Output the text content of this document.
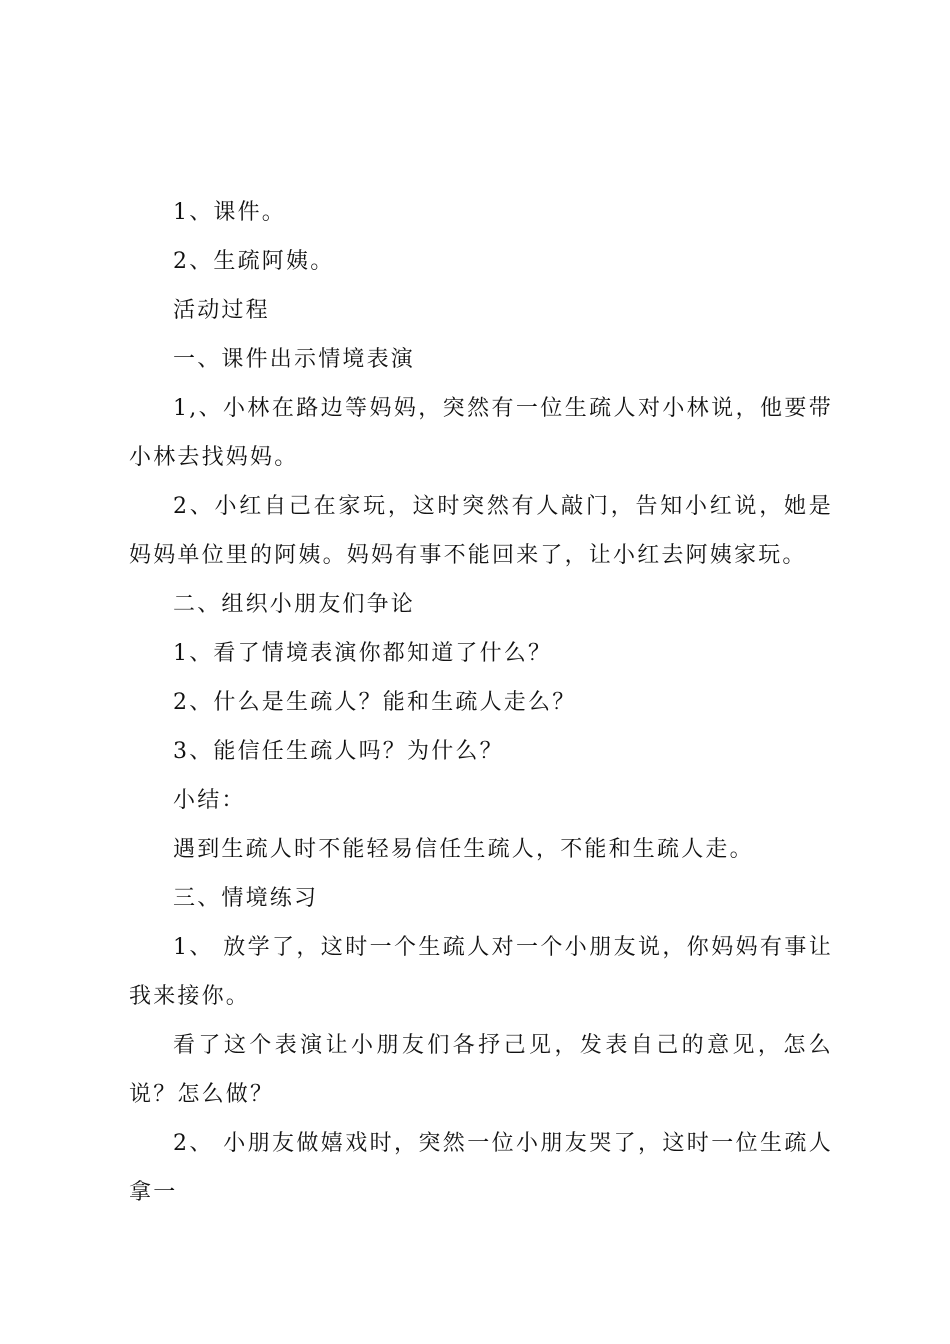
1、课件。

2、生疏阿姨。

活动过程

一、课件出示情境表演

1,、小林在路边等妈妈，突然有一位生疏人对小林说，他要带小林去找妈妈。

2、小红自己在家玩，这时突然有人敲门，告知小红说，她是妈妈单位里的阿姨。妈妈有事不能回来了，让小红去阿姨家玩。

二、组织小朋友们争论

1、看了情境表演你都知道了什么？

2、什么是生疏人？能和生疏人走么？

3、能信任生疏人吗？为什么？

小结：

遇到生疏人时不能轻易信任生疏人，不能和生疏人走。

三、情境练习

1、 放学了，这时一个生疏人对一个小朋友说，你妈妈有事让我来接你。

看了这个表演让小朋友们各抒己见，发表自己的意见，怎么说？怎么做？

2、 小朋友做嬉戏时，突然一位小朋友哭了，这时一位生疏人拿一
